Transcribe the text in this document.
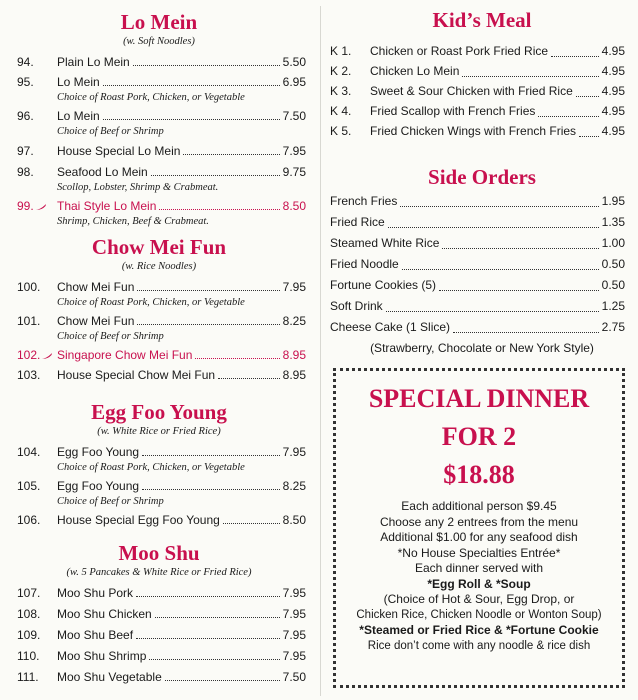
Lo Mein
(w. Soft Noodles)
94.	Plain Lo Mein	5.50
95.	Lo Mein	6.95
Choice of Roast Pork, Chicken, or Vegetable
96.	Lo Mein	7.50
Choice of Beef or Shrimp
97.	House Special Lo Mein	7.95
98.	Seafood Lo Mein	9.75
Scollop, Lobster, Shrimp & Crabmeat.
99.	Thai Style Lo Mein	8.50
Shrimp, Chicken, Beef & Crabmeat.
Chow Mei Fun
(w. Rice Noodles)
100.	Chow Mei Fun	7.95
Choice of Roast Pork, Chicken, or Vegetable
101.	Chow Mei Fun	8.25
Choice of Beef or Shrimp
102.	Singapore Chow Mei Fun	8.95
103.	House Special Chow Mei Fun	8.95
Egg Foo Young
(w. White Rice or Fried Rice)
104.	Egg Foo Young	7.95
Choice of Roast Pork, Chicken, or Vegetable
105.	Egg Foo Young	8.25
Choice of Beef or Shrimp
106.	House Special Egg Foo Young	8.50
Moo Shu
(w. 5 Pancakes & White Rice or Fried Rice)
107.	Moo Shu Pork	7.95
108.	Moo Shu Chicken	7.95
109.	Moo Shu Beef	7.95
110.	Moo Shu Shrimp	7.95
111.	Moo Shu Vegetable	7.50
Kid’s Meal
K 1.	Chicken or Roast Pork Fried Rice	4.95
K 2.	Chicken Lo Mein	4.95
K 3.	Sweet & Sour Chicken with Fried Rice 4.95
K 4.	Fried Scallop with French Fries	4.95
K 5.	Fried Chicken Wings with French Fries 4.95
Side Orders
French Fries	1.95
Fried Rice	1.35
Steamed White Rice	1.00
Fried Noodle	0.50
Fortune Cookies (5)	0.50
Soft Drink	1.25
Cheese Cake (1 Slice)	2.75
(Strawberry, Chocolate or New York Style)
SPECIAL DINNER
FOR 2
$18.88
Each additional person $9.45
Choose any 2 entrees from the menu
Additional $1.00 for any seafood dish
*No House Specialties Entrée*
Each dinner served with
*Egg Roll & *Soup
(Choice of Hot & Sour, Egg Drop, or
Chicken Rice, Chicken Noodle or Wonton Soup)
*Steamed or Fried Rice & *Fortune Cookie
Rice don’t come with any noodle & rice dish
